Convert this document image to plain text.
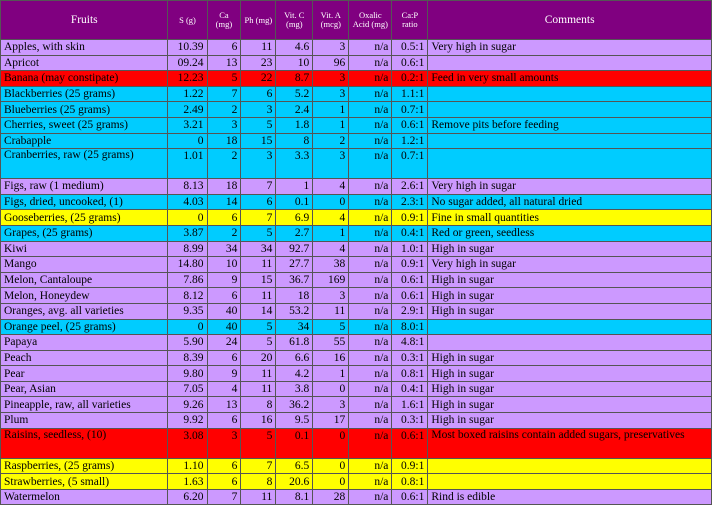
Fruits	S (g)	Ca (mg)	Ph (mg)	Vit. C (mg)	Vit. A (mcg)	Oxalic Acid (mg)	Ca:P ratio	Comments
Apples, with skin	10.39	6	11	4.6	3	n/a	0.5:1	Very high in sugar
Apricot	09.24	13	23	10	96	n/a	0.6:1	
Banana (may constipate)	12.23	5	22	8.7	3	n/a	0.2:1	Feed in very small amounts
Blackberries (25 grams)	1.22	7	6	5.2	3	n/a	1.1:1	
Blueberries (25 grams)	2.49	2	3	2.4	1	n/a	0.7:1	
Cherries, sweet (25 grams)	3.21	3	5	1.8	1	n/a	0.6:1	Remove pits before feeding
Crabapple	0	18	15	8	2	n/a	1.2:1	
Cranberries, raw (25 grams)	1.01	2	3	3.3	3	n/a	0.7:1	
Figs, raw (1 medium)	8.13	18	7	1	4	n/a	2.6:1	Very high in sugar
Figs, dried, uncooked, (1)	4.03	14	6	0.1	0	n/a	2.3:1	No sugar added, all natural dried
Gooseberries, (25 grams)	0	6	7	6.9	4	n/a	0.9:1	Fine in small quantities
Grapes, (25 grams)	3.87	2	5	2.7	1	n/a	0.4:1	Red or green, seedless
Kiwi	8.99	34	34	92.7	4	n/a	1.0:1	High in sugar
Mango	14.80	10	11	27.7	38	n/a	0.9:1	Very high in sugar
Melon, Cantaloupe	7.86	9	15	36.7	169	n/a	0.6:1	High in sugar
Melon, Honeydew	8.12	6	11	18	3	n/a	0.6:1	High in sugar
Oranges, avg. all varieties	9.35	40	14	53.2	11	n/a	2.9:1	High in sugar
Orange peel, (25 grams)	0	40	5	34	5	n/a	8.0:1	
Papaya	5.90	24	5	61.8	55	n/a	4.8:1	
Peach	8.39	6	20	6.6	16	n/a	0.3:1	High in sugar
Pear	9.80	9	11	4.2	1	n/a	0.8:1	High in sugar
Pear, Asian	7.05	4	11	3.8	0	n/a	0.4:1	High in sugar
Pineapple, raw, all varieties	9.26	13	8	36.2	3	n/a	1.6:1	High in sugar
Plum	9.92	6	16	9.5	17	n/a	0.3:1	High in sugar
Raisins, seedless, (10)	3.08	3	5	0.1	0	n/a	0.6:1	Most boxed raisins contain added sugars, preservatives
Raspberries, (25 grams)	1.10	6	7	6.5	0	n/a	0.9:1	
Strawberries, (5 small)	1.63	6	8	20.6	0	n/a	0.8:1	
Watermelon	6.20	7	11	8.1	28	n/a	0.6:1	Rind is edible
